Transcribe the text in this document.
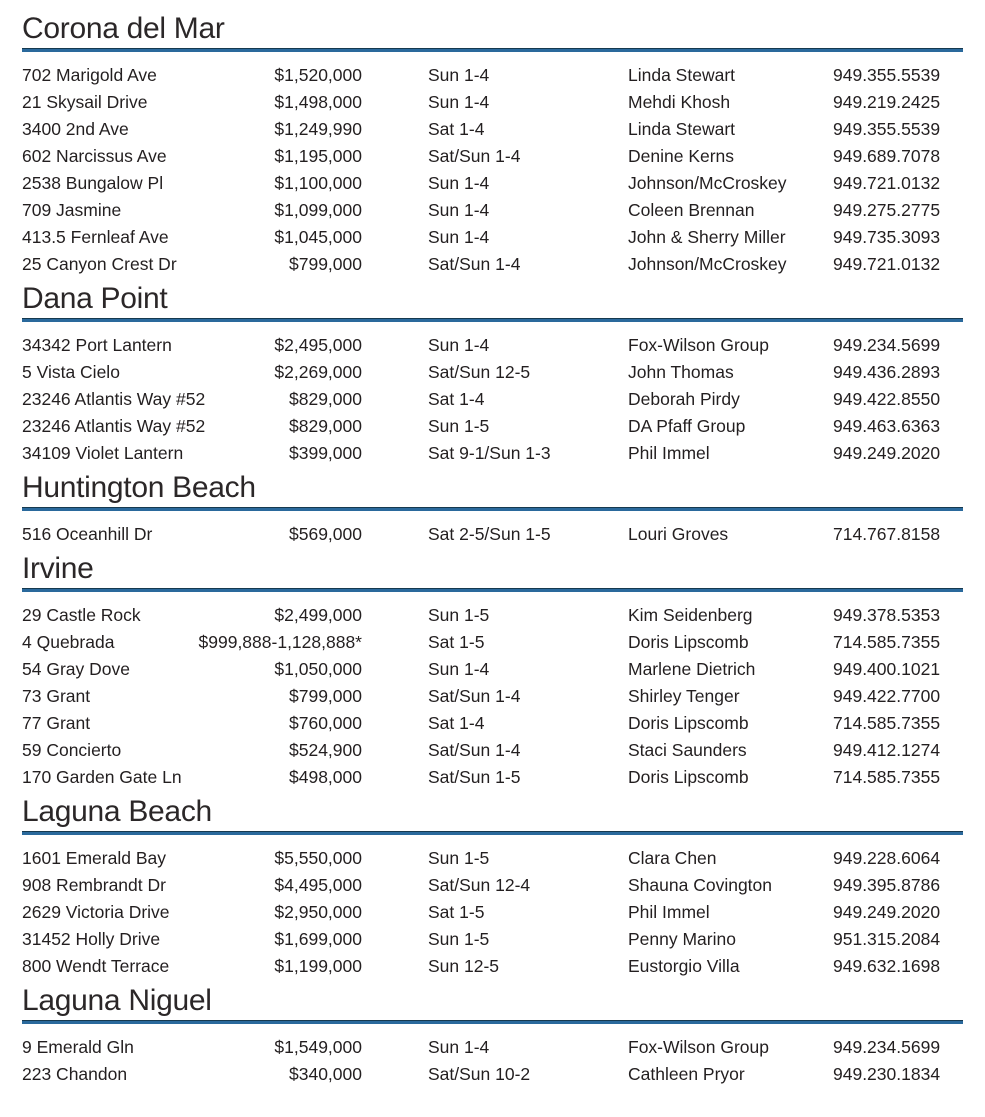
Corona del Mar
702 Marigold Ave	$1,520,000	Sun 1-4	Linda Stewart	949.355.5539
21 Skysail Drive	$1,498,000	Sun 1-4	Mehdi Khosh	949.219.2425
3400 2nd Ave	$1,249,990	Sat 1-4	Linda Stewart	949.355.5539
602 Narcissus Ave	$1,195,000	Sat/Sun 1-4	Denine Kerns	949.689.7078
2538 Bungalow Pl	$1,100,000	Sun 1-4	Johnson/McCroskey	949.721.0132
709 Jasmine	$1,099,000	Sun 1-4	Coleen Brennan	949.275.2775
413.5 Fernleaf Ave	$1,045,000	Sun 1-4	John & Sherry Miller	949.735.3093
25 Canyon Crest Dr	$799,000	Sat/Sun 1-4	Johnson/McCroskey	949.721.0132
Dana Point
34342 Port Lantern	$2,495,000	Sun 1-4	Fox-Wilson Group	949.234.5699
5 Vista Cielo	$2,269,000	Sat/Sun 12-5	John Thomas	949.436.2893
23246 Atlantis Way #52	$829,000	Sat 1-4	Deborah Pirdy	949.422.8550
23246 Atlantis Way #52	$829,000	Sun 1-5	DA Pfaff Group	949.463.6363
34109 Violet Lantern	$399,000	Sat 9-1/Sun 1-3	Phil Immel	949.249.2020
Huntington Beach
516 Oceanhill Dr	$569,000	Sat 2-5/Sun 1-5	Louri Groves	714.767.8158
Irvine
29 Castle Rock	$2,499,000	Sun 1-5	Kim Seidenberg	949.378.5353
4 Quebrada	$999,888-1,128,888*	Sat 1-5	Doris Lipscomb	714.585.7355
54 Gray Dove	$1,050,000	Sun 1-4	Marlene Dietrich	949.400.1021
73 Grant	$799,000	Sat/Sun 1-4	Shirley Tenger	949.422.7700
77 Grant	$760,000	Sat 1-4	Doris Lipscomb	714.585.7355
59 Concierto	$524,900	Sat/Sun 1-4	Staci Saunders	949.412.1274
170 Garden Gate Ln	$498,000	Sat/Sun 1-5	Doris Lipscomb	714.585.7355
Laguna Beach
1601 Emerald Bay	$5,550,000	Sun 1-5	Clara Chen	949.228.6064
908 Rembrandt Dr	$4,495,000	Sat/Sun 12-4	Shauna Covington	949.395.8786
2629 Victoria Drive	$2,950,000	Sat 1-5	Phil Immel	949.249.2020
31452 Holly Drive	$1,699,000	Sun 1-5	Penny Marino	951.315.2084
800 Wendt Terrace	$1,199,000	Sun 12-5	Eustorgio Villa	949.632.1698
Laguna Niguel
9 Emerald Gln	$1,549,000	Sun 1-4	Fox-Wilson Group	949.234.5699
223 Chandon	$340,000	Sat/Sun 10-2	Cathleen Pryor	949.230.1834
